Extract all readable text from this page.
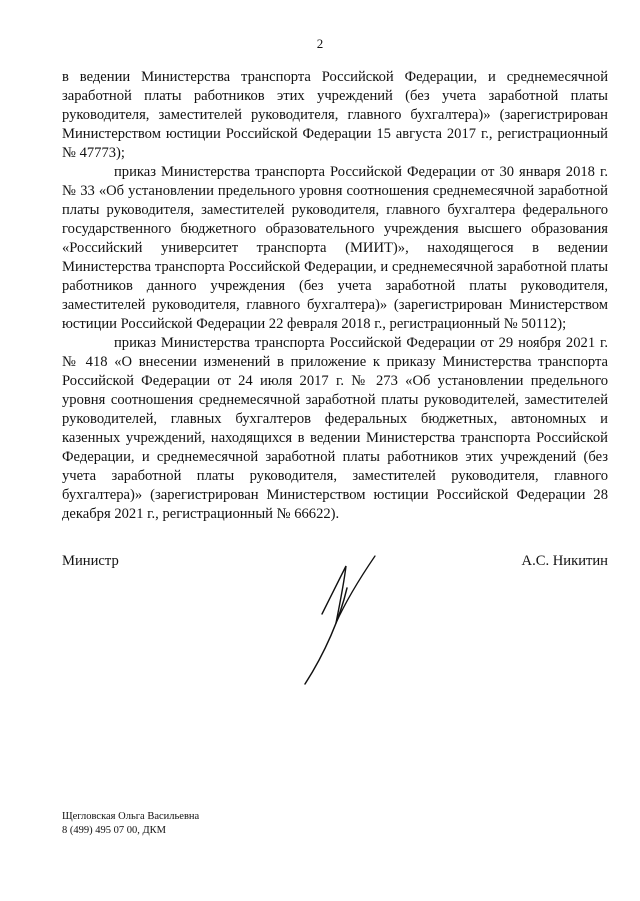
2

в ведении Министерства транспорта Российской Федерации, и среднемесячной заработной платы работников этих учреждений (без учета заработной платы руководителя, заместителей руководителя, главного бухгалтера)» (зарегистрирован Министерством юстиции Российской Федерации 15 августа 2017 г., регистрационный № 47773);

приказ Министерства транспорта Российской Федерации от 30 января 2018 г. № 33 «Об установлении предельного уровня соотношения среднемесячной заработной платы руководителя, заместителей руководителя, главного бухгалтера федерального государственного бюджетного образовательного учреждения высшего образования «Российский университет транспорта (МИИТ)», находящегося в ведении Министерства транспорта Российской Федерации, и среднемесячной заработной платы работников данного учреждения (без учета заработной платы руководителя, заместителей руководителя, главного бухгалтера)» (зарегистрирован Министерством юстиции Российской Федерации 22 февраля 2018 г., регистрационный № 50112);

приказ Министерства транспорта Российской Федерации от 29 ноября 2021 г. № 418 «О внесении изменений в приложение к приказу Министерства транспорта Российской Федерации от 24 июля 2017 г. № 273 «Об установлении предельного уровня соотношения среднемесячной заработной платы руководителей, заместителей руководителей, главных бухгалтеров федеральных бюджетных, автономных и казенных учреждений, находящихся в ведении Министерства транспорта Российской Федерации, и среднемесячной заработной платы работников этих учреждений (без учета заработной платы руководителя, заместителей руководителя, главного бухгалтера)» (зарегистрирован Министерством юстиции Российской Федерации 28 декабря 2021 г., регистрационный № 66622).

Министр	А.С. Никитин
Щегловская Ольга Васильевна
8 (499) 495 07 00, ДКМ
